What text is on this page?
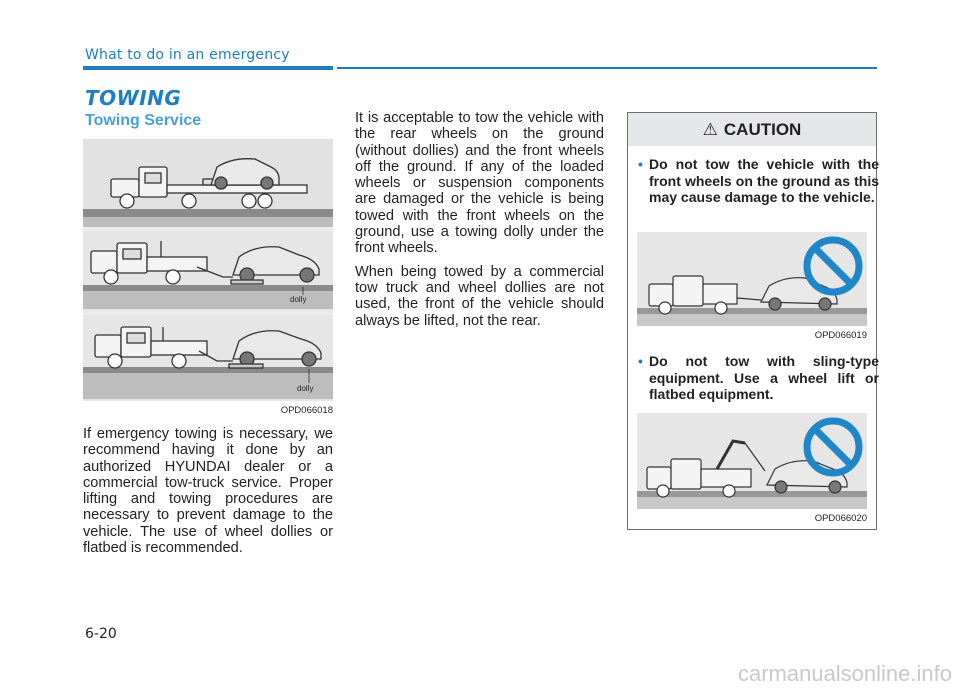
What to do in an emergency
TOWING
Towing Service
dolly
dolly
OPD066018

If emergency towing is necessary, we recommend having it done by an authorized HYUNDAI dealer or a commercial tow-truck service. Proper lifting and towing procedures are necessary to prevent damage to the vehicle. The use of wheel dollies or flatbed is recommended.

It is acceptable to tow the vehicle with the rear wheels on the ground (without dollies) and the front wheels off the ground. If any of the loaded wheels or suspension components are damaged or the vehicle is being towed with the front wheels on the ground, use a towing dolly under the front wheels.

When being towed by a commercial tow truck and wheel dollies are not used, the front of the vehicle should always be lifted, not the rear.

⚠ CAUTION
• Do not tow the vehicle with the front wheels on the ground as this may cause damage to the vehicle.
OPD066019
• Do not tow with sling-type equipment. Use a wheel lift or flatbed equipment.
OPD066020
6-20
carmanualsonline.info
